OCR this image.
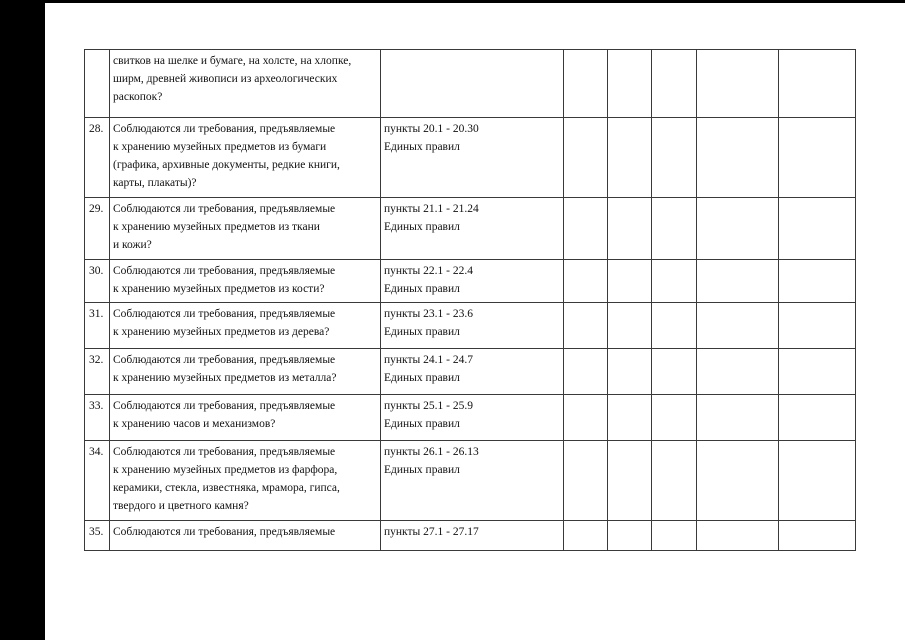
	свитков на шелке и бумаге, на холсте, на хлопке,
ширм, древней живописи из археологических
раскопок?						

28.	Соблюдаются ли требования, предъявляемые
к хранению музейных предметов из бумаги
(графика, архивные документы, редкие книги,
карты, плакаты)?	пункты 20.1 - 20.30
Единых правил					

29.	Соблюдаются ли требования, предъявляемые
к хранению музейных предметов из ткани
и кожи?	пункты 21.1 - 21.24
Единых правил					

30.	Соблюдаются ли требования, предъявляемые
к хранению музейных предметов из кости?	пункты 22.1 - 22.4
Единых правил					

31.	Соблюдаются ли требования, предъявляемые
к хранению музейных предметов из дерева?	пункты 23.1 - 23.6
Единых правил					

32.	Соблюдаются ли требования, предъявляемые
к хранению музейных предметов из металла?	пункты 24.1 - 24.7
Единых правил					

33.	Соблюдаются ли требования, предъявляемые
к хранению часов и механизмов?	пункты 25.1 - 25.9
Единых правил					

34.	Соблюдаются ли требования, предъявляемые
к хранению музейных предметов из фарфора,
керамики, стекла, известняка, мрамора, гипса,
твердого и цветного камня?	пункты 26.1 - 26.13
Единых правил					

35.	Соблюдаются ли требования, предъявляемые	пункты 27.1 - 27.17					
